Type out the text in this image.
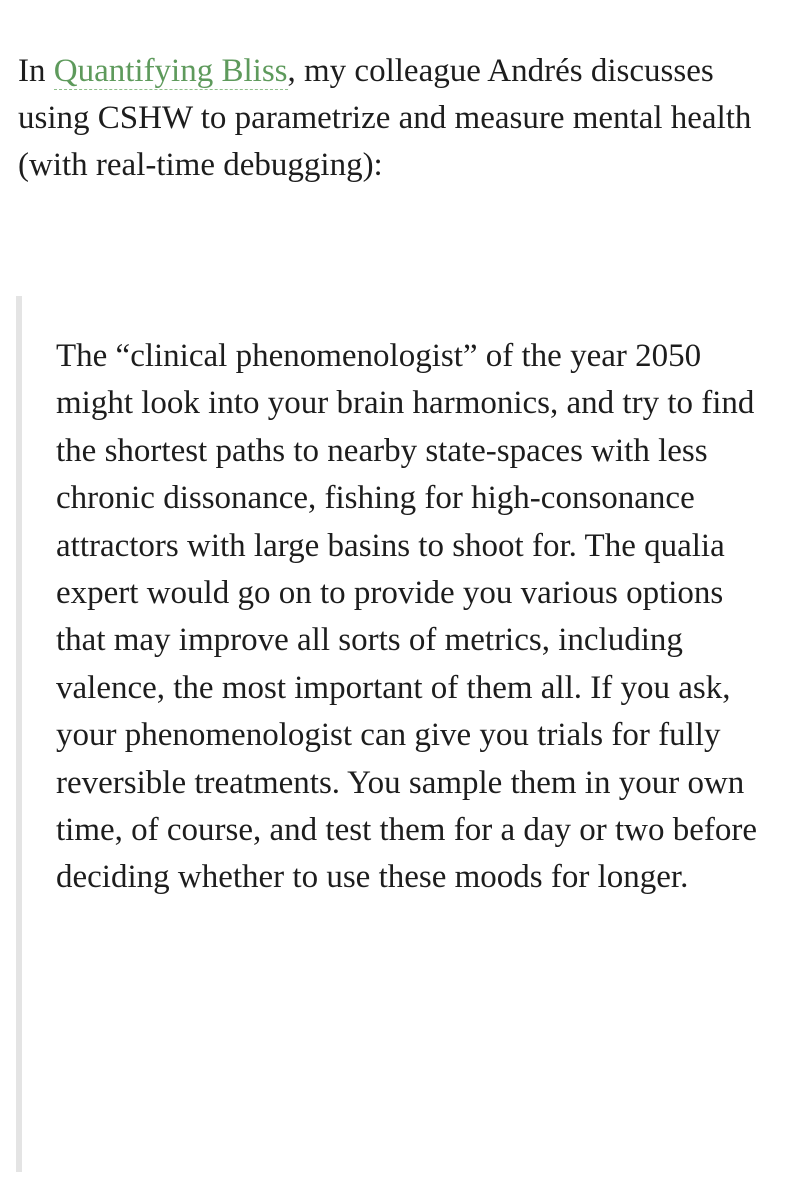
In Quantifying Bliss, my colleague Andrés discusses using CSHW to parametrize and measure mental health (with real-time debugging):

The “clinical phenomenologist” of the year 2050 might look into your brain harmonics, and try to find the shortest paths to nearby state-spaces with less chronic dissonance, fishing for high-consonance attractors with large basins to shoot for. The qualia expert would go on to provide you various options that may improve all sorts of metrics, including valence, the most important of them all. If you ask, your phenomenologist can give you trials for fully reversible treatments. You sample them in your own time, of course, and test them for a day or two before deciding whether to use these moods for longer.
